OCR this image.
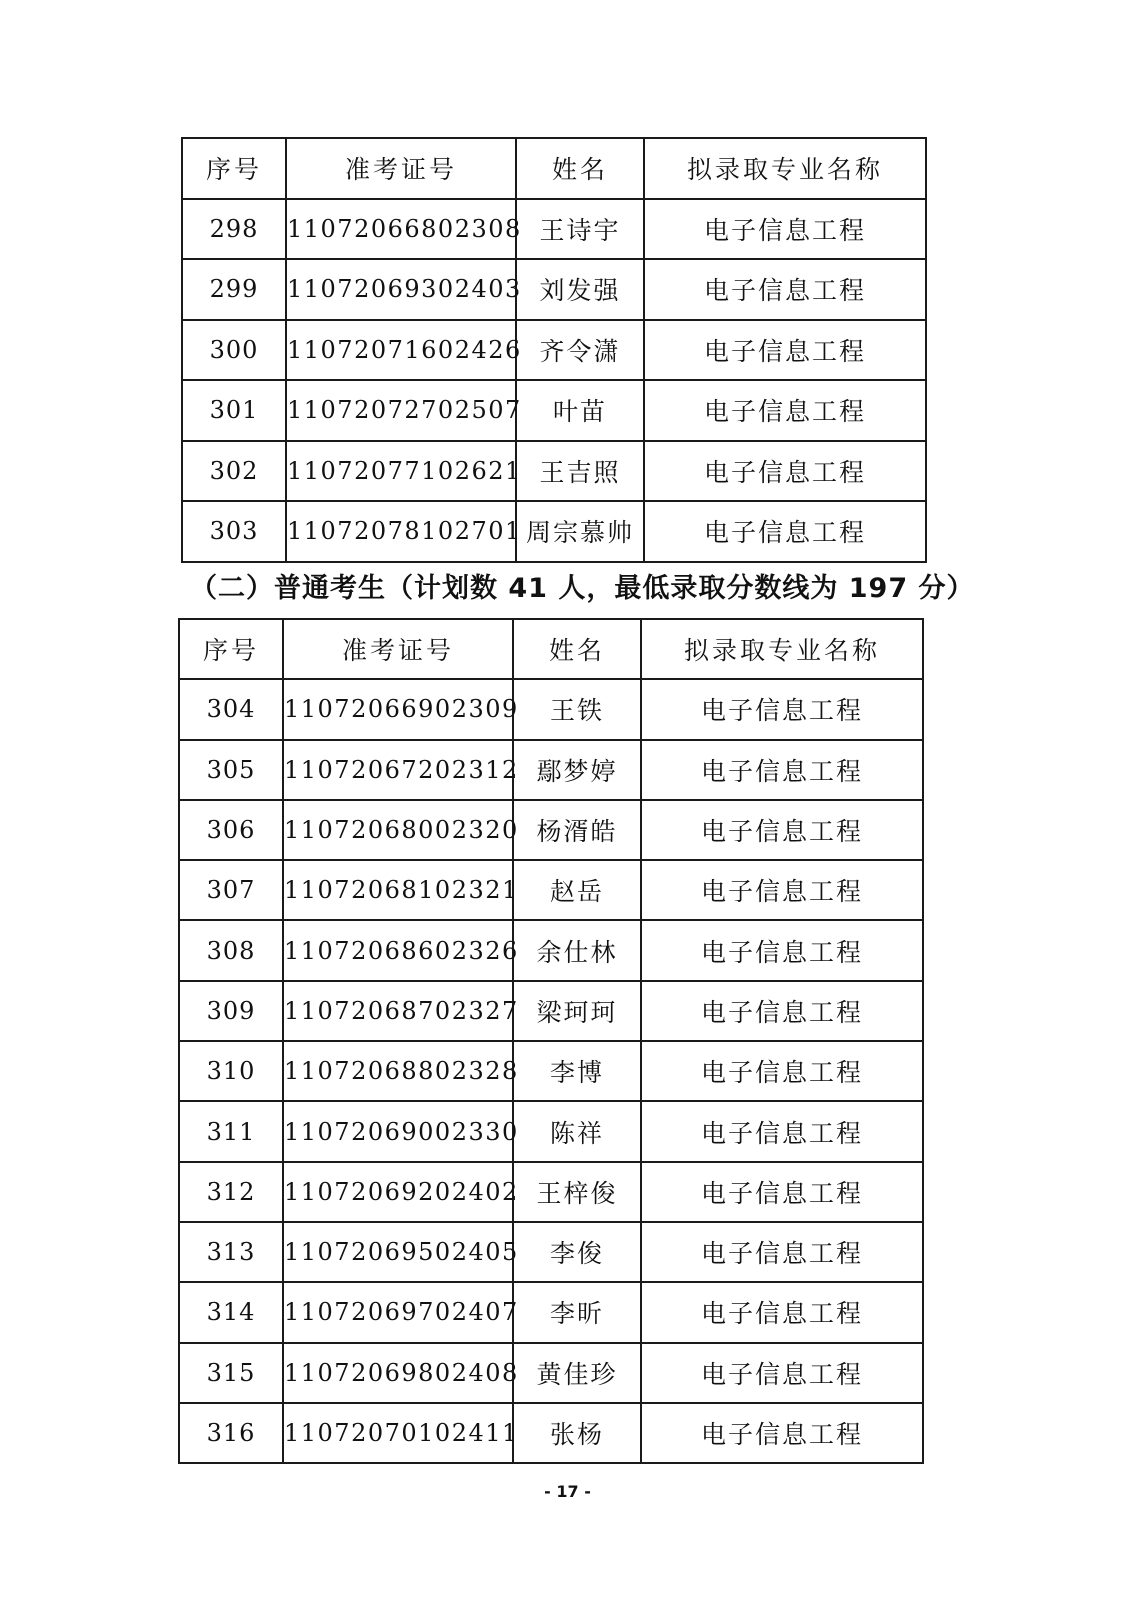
序号	准考证号	姓名	拟录取专业名称
298	11072066802308	王诗宇	电子信息工程
299	11072069302403	刘发强	电子信息工程
300	11072071602426	齐令潇	电子信息工程
301	11072072702507	叶苗	电子信息工程
302	11072077102621	王吉照	电子信息工程
303	11072078102701	周宗慕帅	电子信息工程
（二）普通考生（计划数 41 人，最低录取分数线为 197 分）
序号	准考证号	姓名	拟录取专业名称
304	11072066902309	王铁	电子信息工程
305	11072067202312	鄢梦婷	电子信息工程
306	11072068002320	杨湑皓	电子信息工程
307	11072068102321	赵岳	电子信息工程
308	11072068602326	余仕林	电子信息工程
309	11072068702327	梁珂珂	电子信息工程
310	11072068802328	李博	电子信息工程
311	11072069002330	陈祥	电子信息工程
312	11072069202402	王梓俊	电子信息工程
313	11072069502405	李俊	电子信息工程
314	11072069702407	李昕	电子信息工程
315	11072069802408	黄佳珍	电子信息工程
316	11072070102411	张杨	电子信息工程
- 17 -
